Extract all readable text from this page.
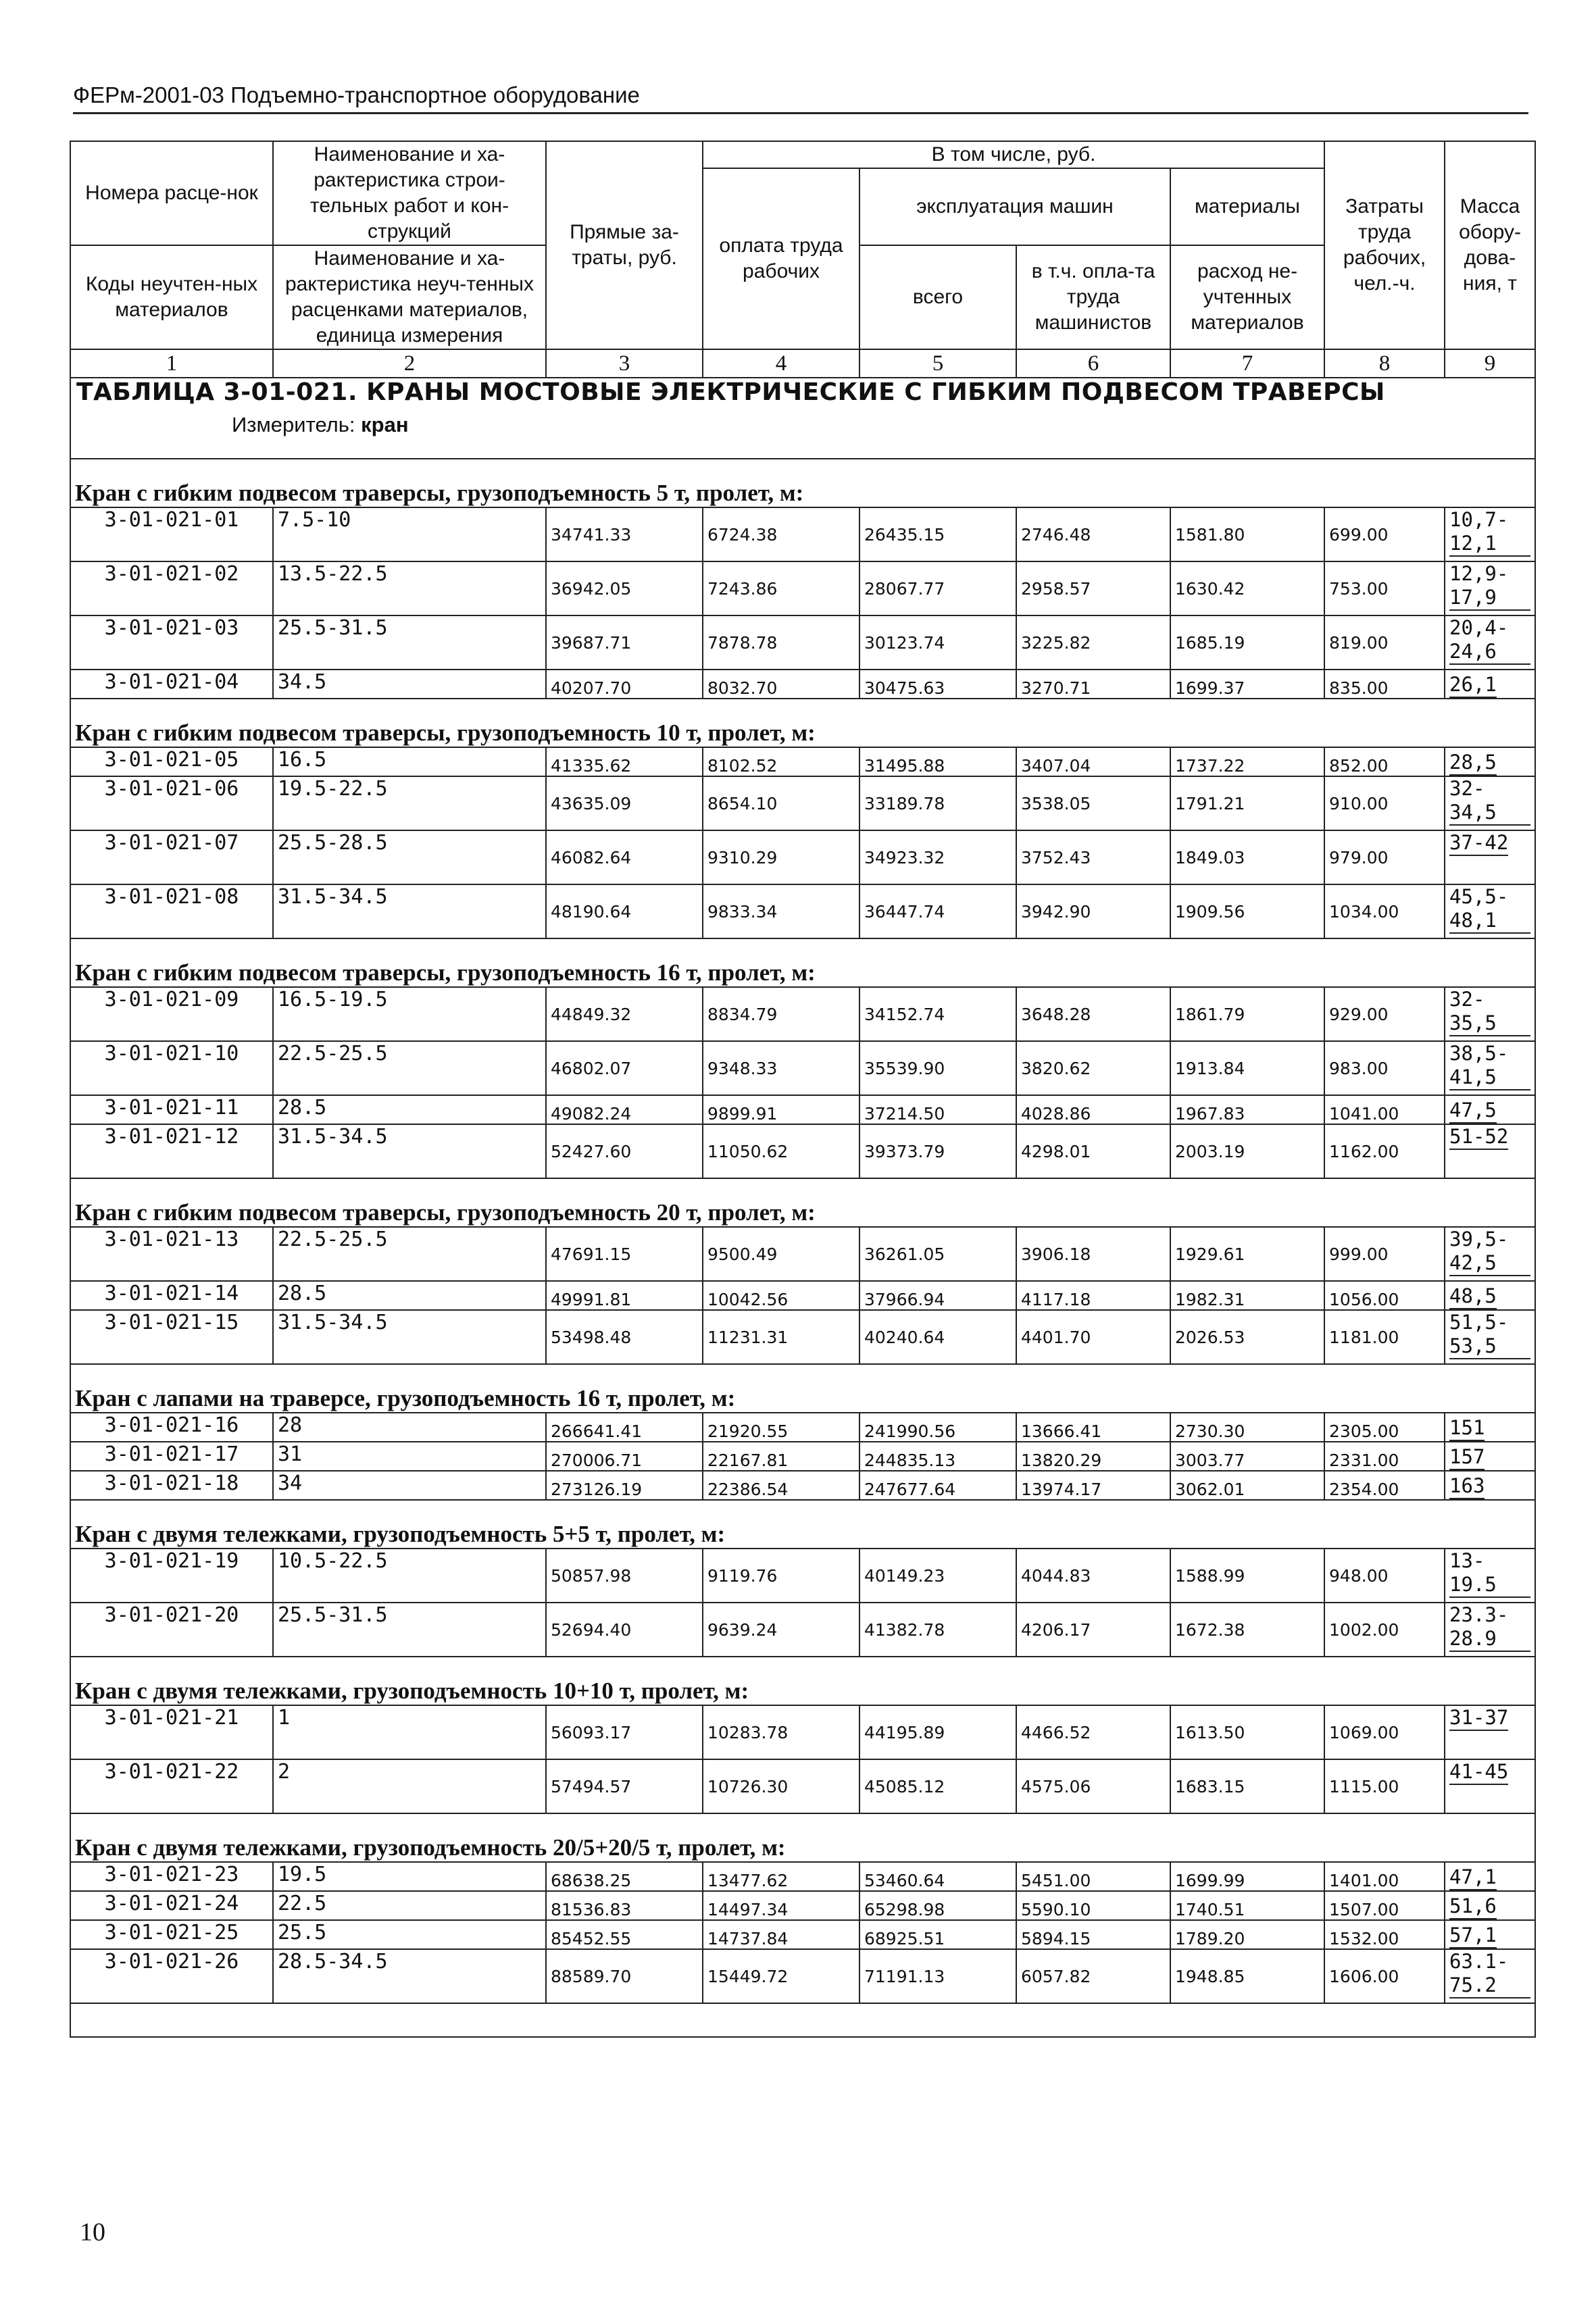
ФЕРм-2001-03 Подъемно-транспортное оборудование
Номера расце-нок	Наименование и ха-рактеристика строи-тельных работ и кон-струкций	Прямые за-траты, руб.	В том числе, руб.				Затраты труда рабочих, чел.-ч.	Масса обору-дова-ния, т
			оплата труда рабочих	эксплуатация машин		материалы		
Коды неучтен-ных материалов	Наименование и ха-рактеристика неуч-тенных расценками материалов, единица измерения							
				всего	в т.ч. опла-та труда машинистов	расход не-учтенных материалов		
1	2	3	4	5	6	7	8	9

ТАБЛИЦА 3-01-021. КРАНЫ МОСТОВЫЕ ЭЛЕКТРИЧЕСКИЕ С ГИБКИМ ПОДВЕСОМ ТРАВЕРСЫ
Измеритель: кран								

Кран с гибким подвесом траверсы, грузоподъемность 5 т, пролет, м:								
3-01-021-01	7.5-10	34741.33	6724.38	26435.15	2746.48	1581.80	699.00	10,7-12,1
3-01-021-02	13.5-22.5	36942.05	7243.86	28067.77	2958.57	1630.42	753.00	12,9-17,9
3-01-021-03	25.5-31.5	39687.71	7878.78	30123.74	3225.82	1685.19	819.00	20,4-24,6
3-01-021-04	34.5	40207.70	8032.70	30475.63	3270.71	1699.37	835.00	26,1
Кран с гибким подвесом траверсы, грузоподъемность 10 т, пролет, м:								
3-01-021-05	16.5	41335.62	8102.52	31495.88	3407.04	1737.22	852.00	28,5
3-01-021-06	19.5-22.5	43635.09	8654.10	33189.78	3538.05	1791.21	910.00	32-34,5
3-01-021-07	25.5-28.5	46082.64	9310.29	34923.32	3752.43	1849.03	979.00	37-42
3-01-021-08	31.5-34.5	48190.64	9833.34	36447.74	3942.90	1909.56	1034.00	45,5-48,1
Кран с гибким подвесом траверсы, грузоподъемность 16 т, пролет, м:								
3-01-021-09	16.5-19.5	44849.32	8834.79	34152.74	3648.28	1861.79	929.00	32-35,5
3-01-021-10	22.5-25.5	46802.07	9348.33	35539.90	3820.62	1913.84	983.00	38,5-41,5
3-01-021-11	28.5	49082.24	9899.91	37214.50	4028.86	1967.83	1041.00	47,5
3-01-021-12	31.5-34.5	52427.60	11050.62	39373.79	4298.01	2003.19	1162.00	51-52
Кран с гибким подвесом траверсы, грузоподъемность 20 т, пролет, м:								
3-01-021-13	22.5-25.5	47691.15	9500.49	36261.05	3906.18	1929.61	999.00	39,5-42,5
3-01-021-14	28.5	49991.81	10042.56	37966.94	4117.18	1982.31	1056.00	48,5
3-01-021-15	31.5-34.5	53498.48	11231.31	40240.64	4401.70	2026.53	1181.00	51,5-53,5
Кран с лапами на траверсе, грузоподъемность 16 т, пролет, м:								
3-01-021-16	28	266641.41	21920.55	241990.56	13666.41	2730.30	2305.00	151
3-01-021-17	31	270006.71	22167.81	244835.13	13820.29	3003.77	2331.00	157
3-01-021-18	34	273126.19	22386.54	247677.64	13974.17	3062.01	2354.00	163
Кран с двумя тележками, грузоподъемность 5+5 т, пролет, м:								
3-01-021-19	10.5-22.5	50857.98	9119.76	40149.23	4044.83	1588.99	948.00	13-19.5
3-01-021-20	25.5-31.5	52694.40	9639.24	41382.78	4206.17	1672.38	1002.00	23.3-28.9
Кран с двумя тележками, грузоподъемность 10+10 т, пролет, м:								
3-01-021-21	1	56093.17	10283.78	44195.89	4466.52	1613.50	1069.00	31-37
3-01-021-22	2	57494.57	10726.30	45085.12	4575.06	1683.15	1115.00	41-45
Кран с двумя тележками, грузоподъемность 20/5+20/5 т, пролет, м:								
3-01-021-23	19.5	68638.25	13477.62	53460.64	5451.00	1699.99	1401.00	47,1
3-01-021-24	22.5	81536.83	14497.34	65298.98	5590.10	1740.51	1507.00	51,6
3-01-021-25	25.5	85452.55	14737.84	68925.51	5894.15	1789.20	1532.00	57,1
3-01-021-26	28.5-34.5	88589.70	15449.72	71191.13	6057.82	1948.85	1606.00	63.1-75.2

10
